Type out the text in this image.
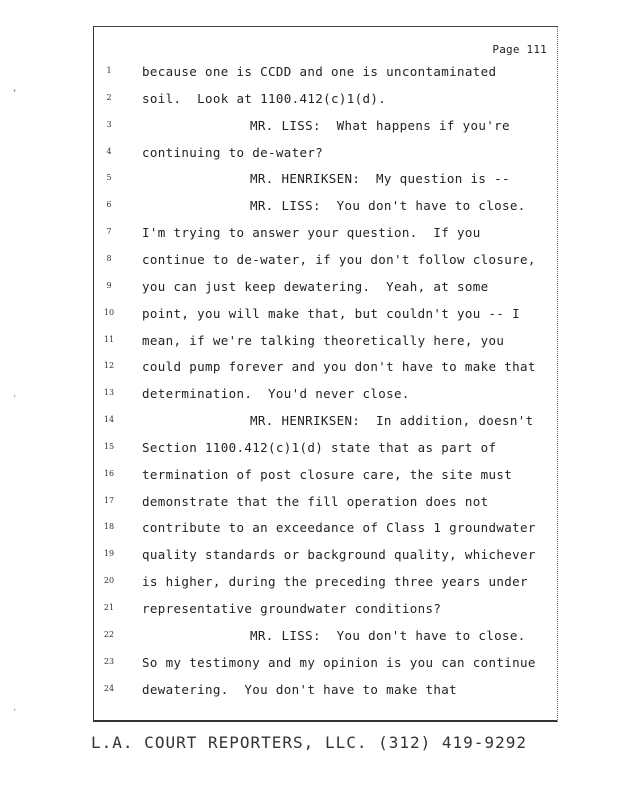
,
·
·
Page 111
1	because one is CCDD and one is uncontaminated
2	soil.  Look at 1100.412(c)1(d).
3	MR. LISS:  What happens if you're
4	continuing to de-water?
5	MR. HENRIKSEN:  My question is --
6	MR. LISS:  You don't have to close.
7	I'm trying to answer your question.  If you
8	continue to de-water, if you don't follow closure,
9	you can just keep dewatering.  Yeah, at some
10 point, you will make that, but couldn't you -- I
11 mean, if we're talking theoretically here, you
12 could pump forever and you don't have to make that
13 determination.  You'd never close.
14	MR. HENRIKSEN:  In addition, doesn't
15 Section 1100.412(c)1(d) state that as part of
16 termination of post closure care, the site must
17 demonstrate that the fill operation does not
18 contribute to an exceedance of Class 1 groundwater
19 quality standards or background quality, whichever
20 is higher, during the preceding three years under
21 representative groundwater conditions?
22	MR. LISS:  You don't have to close.
23 So my testimony and my opinion is you can continue
24 dewatering.  You don't have to make that
L.A. COURT REPORTERS, LLC. (312) 419-9292
